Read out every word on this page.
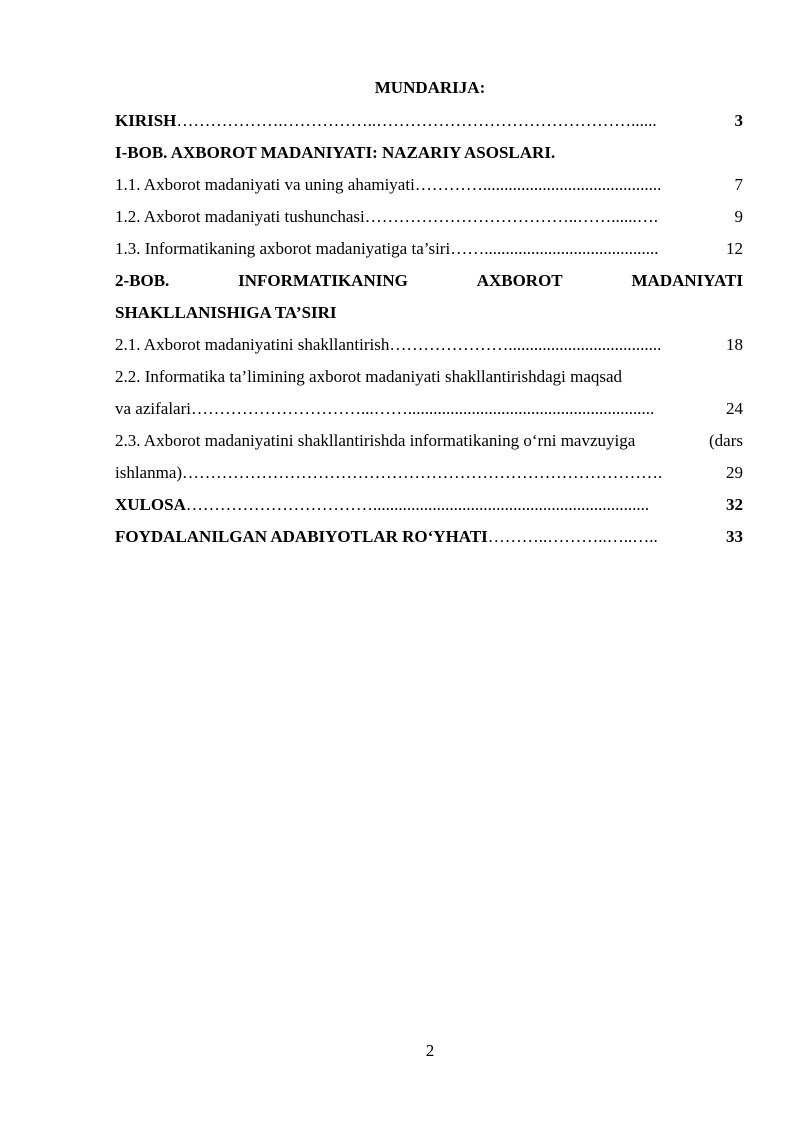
MUNDARIJA:
KIRISH ……………….……………..………………………………………......	3
I-BOB. AXBOROT MADANIYATI: NAZARIY ASOSLARI.
1.1. Axborot madaniyati va uning ahamiyati …………..........................................	7
1.2. Axborot madaniyati tushunchasi ………………………………..……......….	9
1.3. Informatikaning axborot madaniyatiga ta’siri …….........................................	12
2-BOB.	INFORMATIKANING	AXBOROT	MADANIYATI
SHAKLLANISHIGA TA’SIRI
2.1. Axborot madaniyatini shakllantirish …………………....................................	18
2.2. Informatika ta’limining axborot madaniyati shakllantirishdagi maqsad
va azifalari …………………………...……..........................................................	24
2.3. Axborot madaniyatini shakllantirishda informatikaning o‘rni mavzuyiga	(dars
ishlanma) ………………………………………………………………………….	29
XULOSA …………………………….................................................................	32
FOYDALANILGAN ADABIYOTLAR RO‘YHATI ………..………..…..…..	33
2
